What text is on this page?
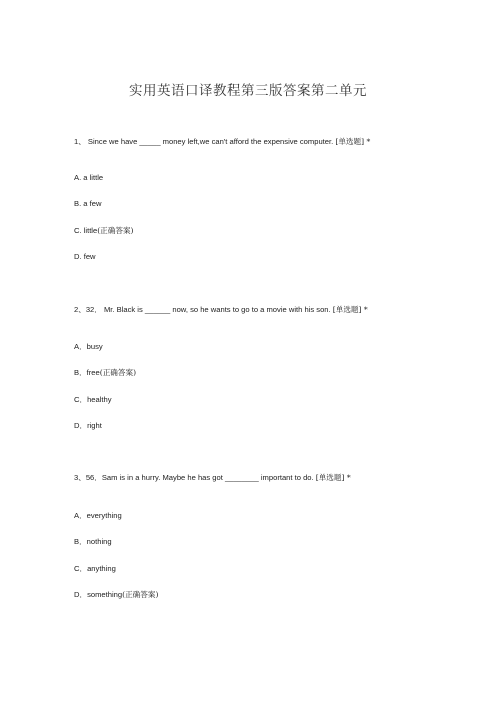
实用英语口译教程第三版答案第二单元
1、 Since we have _____ money left,we can't afford the expensive computer. [单选题] *
A. a little
B. a few
C. little(正确答案)
D. few
2、32． Mr. Black is ______ now, so he wants to go to a movie with his son. [单选题] *
A．busy
B．free(正确答案)
C．healthy
D．right
3、56．Sam is in a hurry. Maybe he has got ________ important to do. [单选题] *
A．everything
B．nothing
C．anything
D．something(正确答案)
